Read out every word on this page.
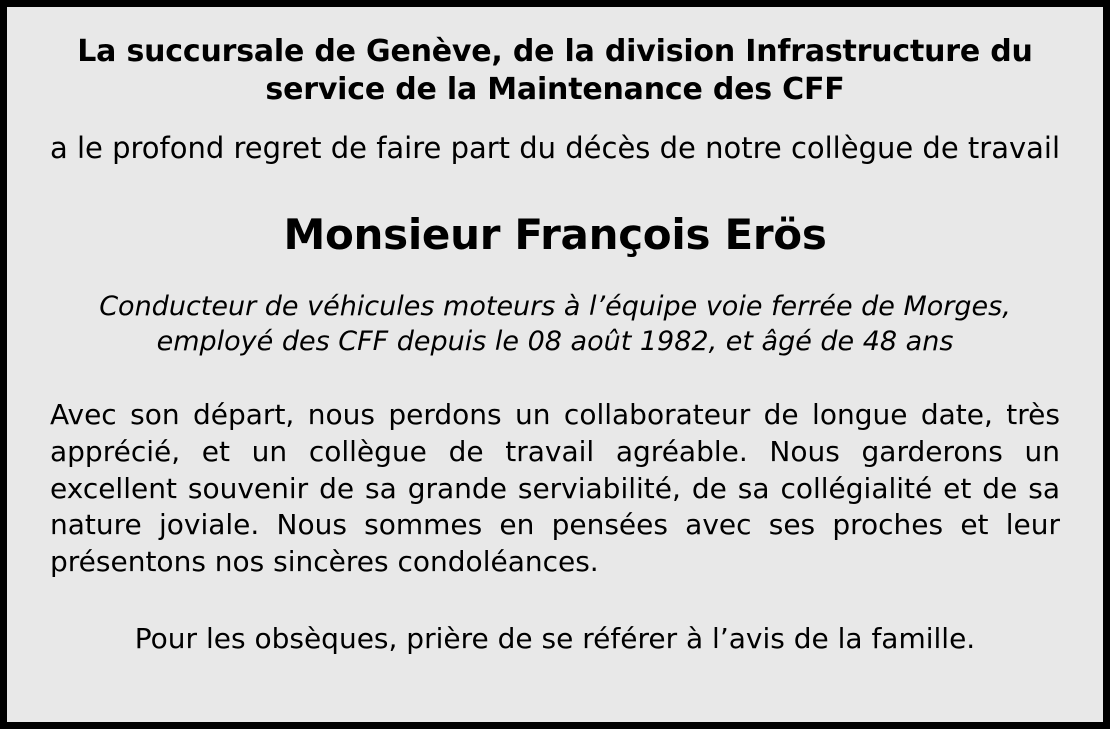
La succursale de Genève, de la division Infrastructure du service de la Maintenance des CFF
a le profond regret de faire part du décès de notre collègue de travail
Monsieur François Erös
Conducteur de véhicules moteurs à l’équipe voie ferrée de Morges, employé des CFF depuis le 08 août 1982, et âgé de 48 ans
Avec son départ, nous perdons un collaborateur de longue date, très apprécié, et un collègue de travail agréable. Nous garderons un excellent souvenir de sa grande serviabilité, de sa collégialité et de sa nature joviale. Nous sommes en pensées avec ses proches et leur présentons nos sincères condoléances.
Pour les obsèques, prière de se référer à l’avis de la famille.
